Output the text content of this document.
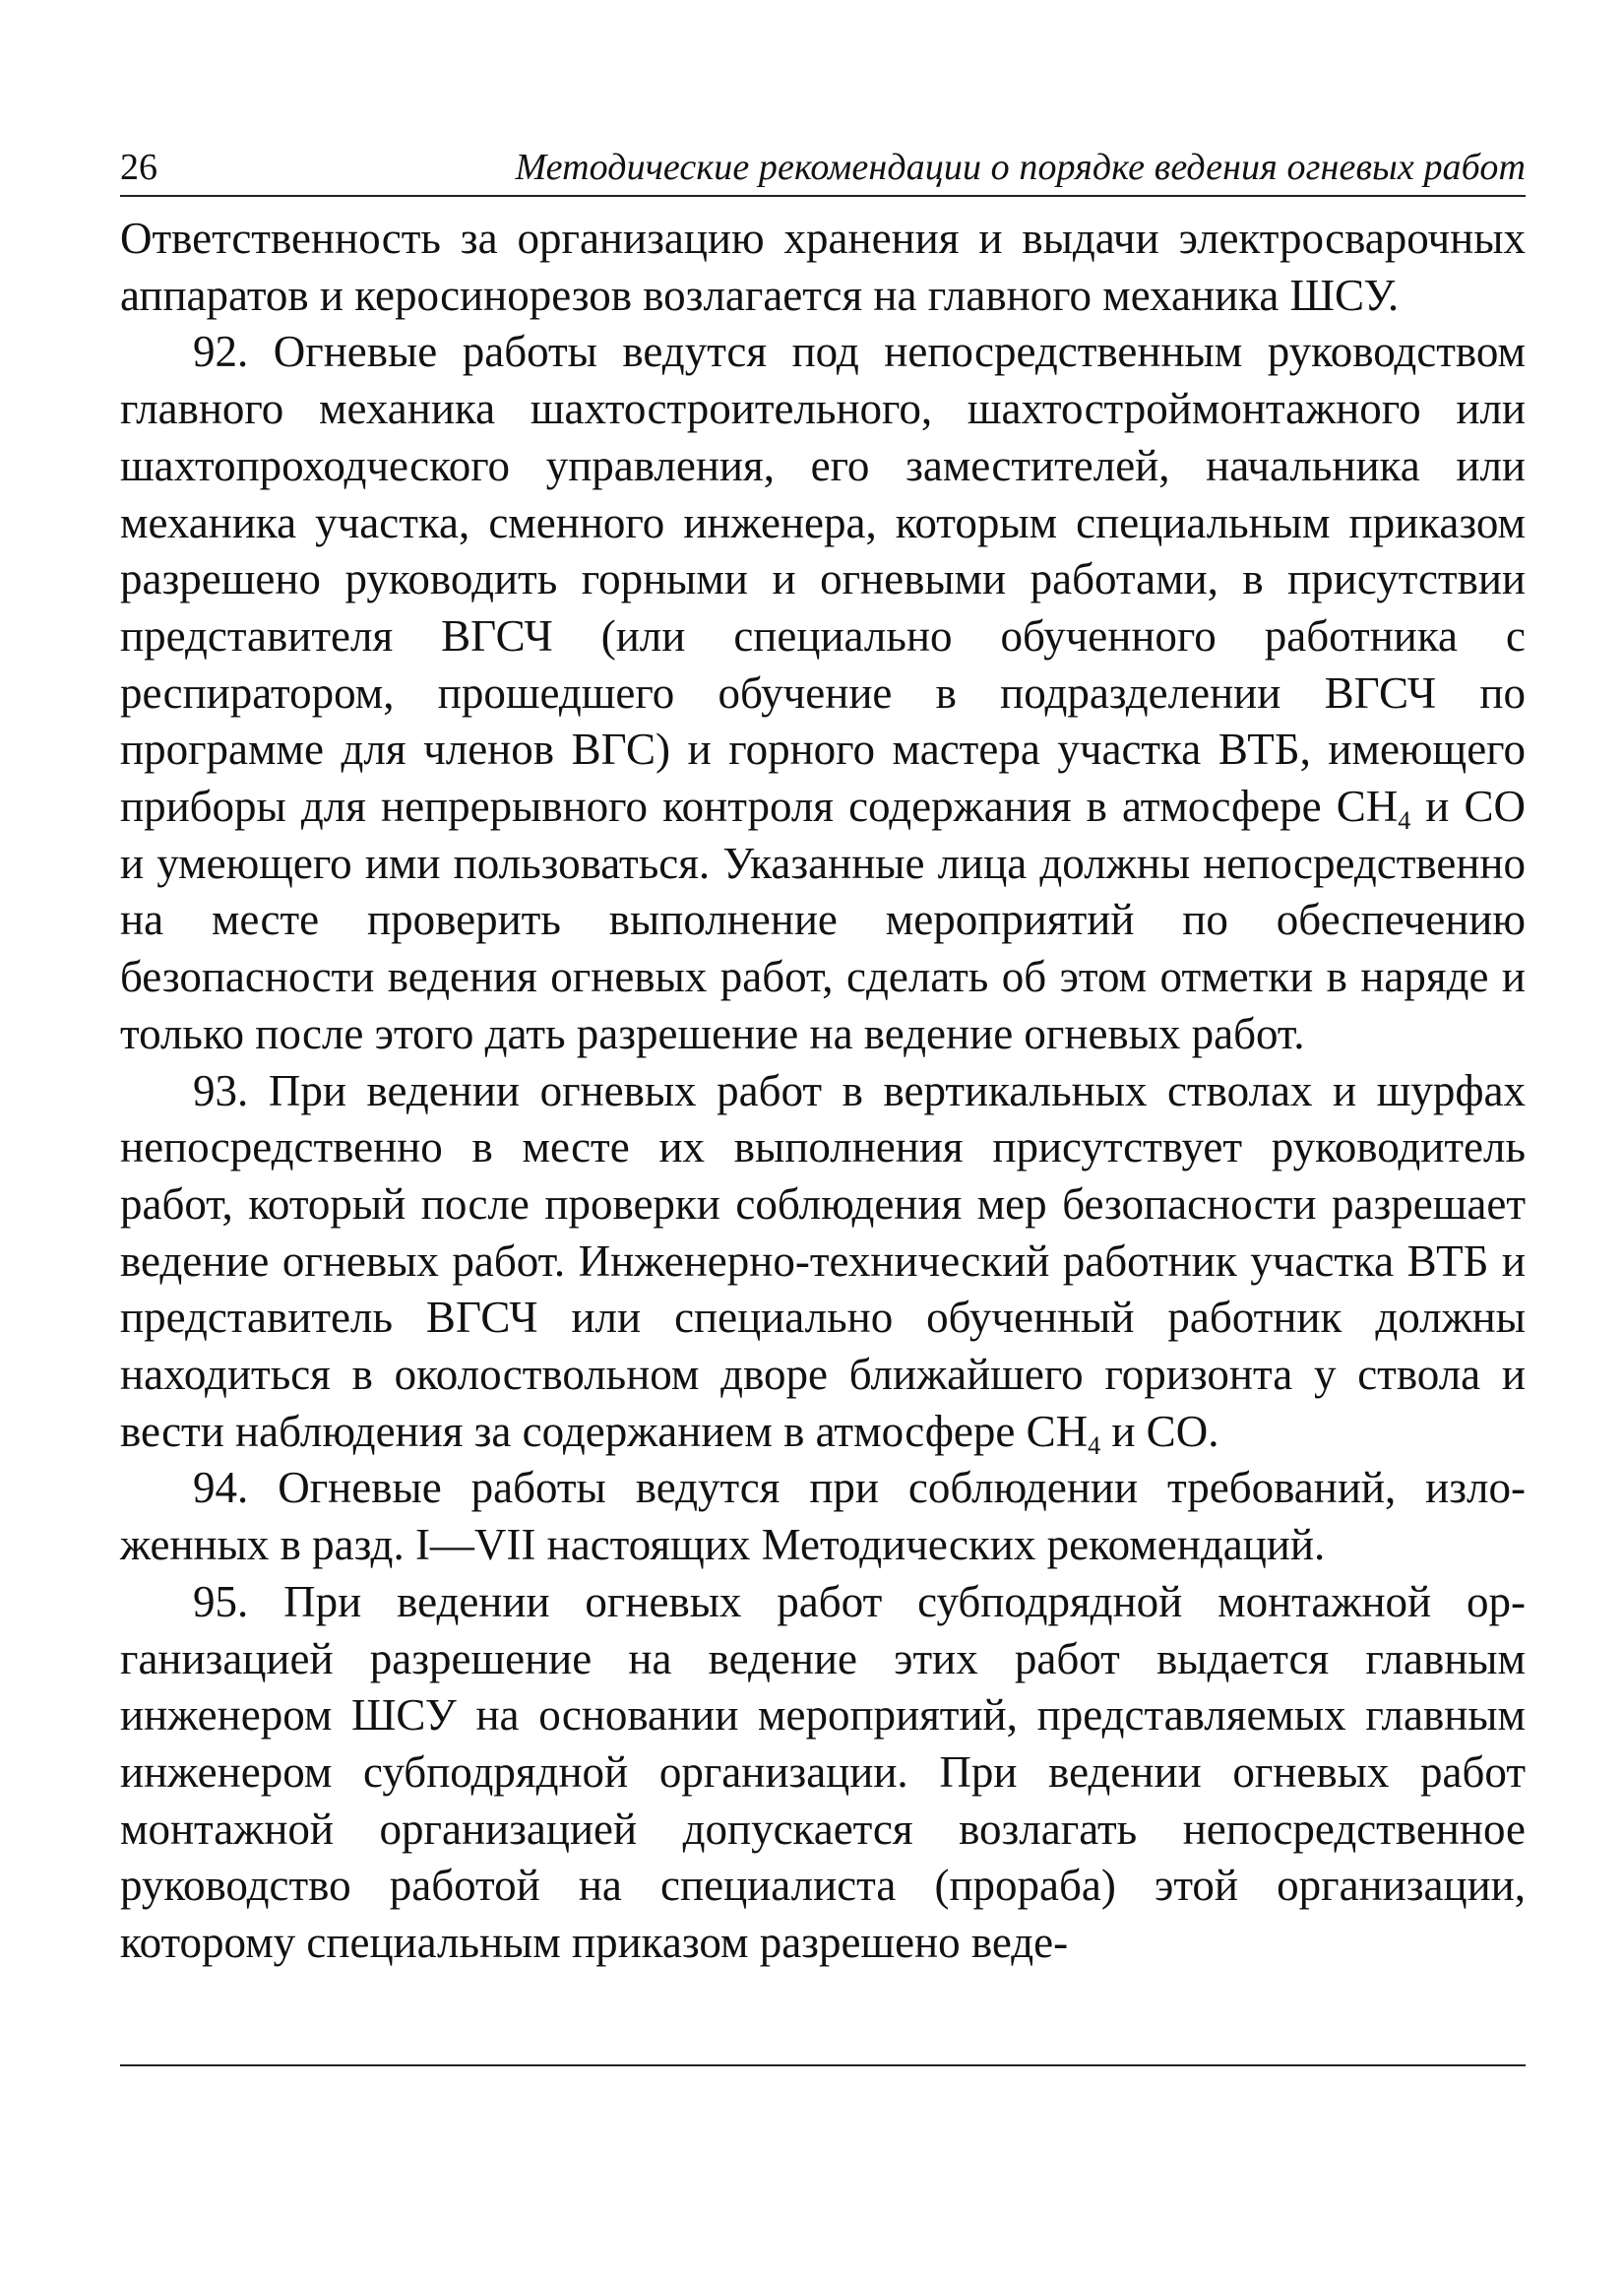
26	Методические рекомендации о порядке ведения огневых работ

Ответственность за организацию хранения и выдачи электросварочных аппаратов и керосинорезов возлагается на главного механика ШСУ.

92. Огневые работы ведутся под непосредственным руководством главного механика шахтостроительного, шахтостроймонтажного или шахтопроходческого управления, его заместителей, начальника или механика участка, сменного инженера, которым специальным приказом разрешено руководить горными и огневыми работами, в присутствии представителя ВГСЧ (или специально обученного работника с респиратором, прошедшего обучение в подразделении ВГСЧ по программе для членов ВГС) и горного мастера участка ВТБ, имеющего приборы для непрерывного контроля содержания в атмосфере $СН_4$ и СО и умеющего ими пользоваться. Указанные лица должны непосредственно на месте проверить выполнение мероприятий по обеспечению безопасности ведения огневых работ, сделать об этом отметки в наряде и только после этого дать разрешение на ведение огневых работ.

93. При ведении огневых работ в вертикальных стволах и шурфах непосредственно в месте их выполнения присутствует руководитель работ, который после проверки соблюдения мер безопасности разрешает ведение огневых работ. Инженерно-технический работник участка ВТБ и представитель ВГСЧ или специально обученный работник должны находиться в околоствольном дворе ближайшего горизонта у ствола и вести наблюдения за содержанием в атмосфере $СН_4$ и СО.

94. Огневые работы ведутся при соблюдении требований, изложенных в разд. I—VII настоящих Методических рекомендаций.

95. При ведении огневых работ субподрядной монтажной организацией разрешение на ведение этих работ выдается главным инженером ШСУ на основании мероприятий, представляемых главным инженером субподрядной организации. При ведении огневых работ монтажной организацией допускается возлагать непосредственное руководство работой на специалиста (прораба) этой организации, которому специальным приказом разрешено веде-
